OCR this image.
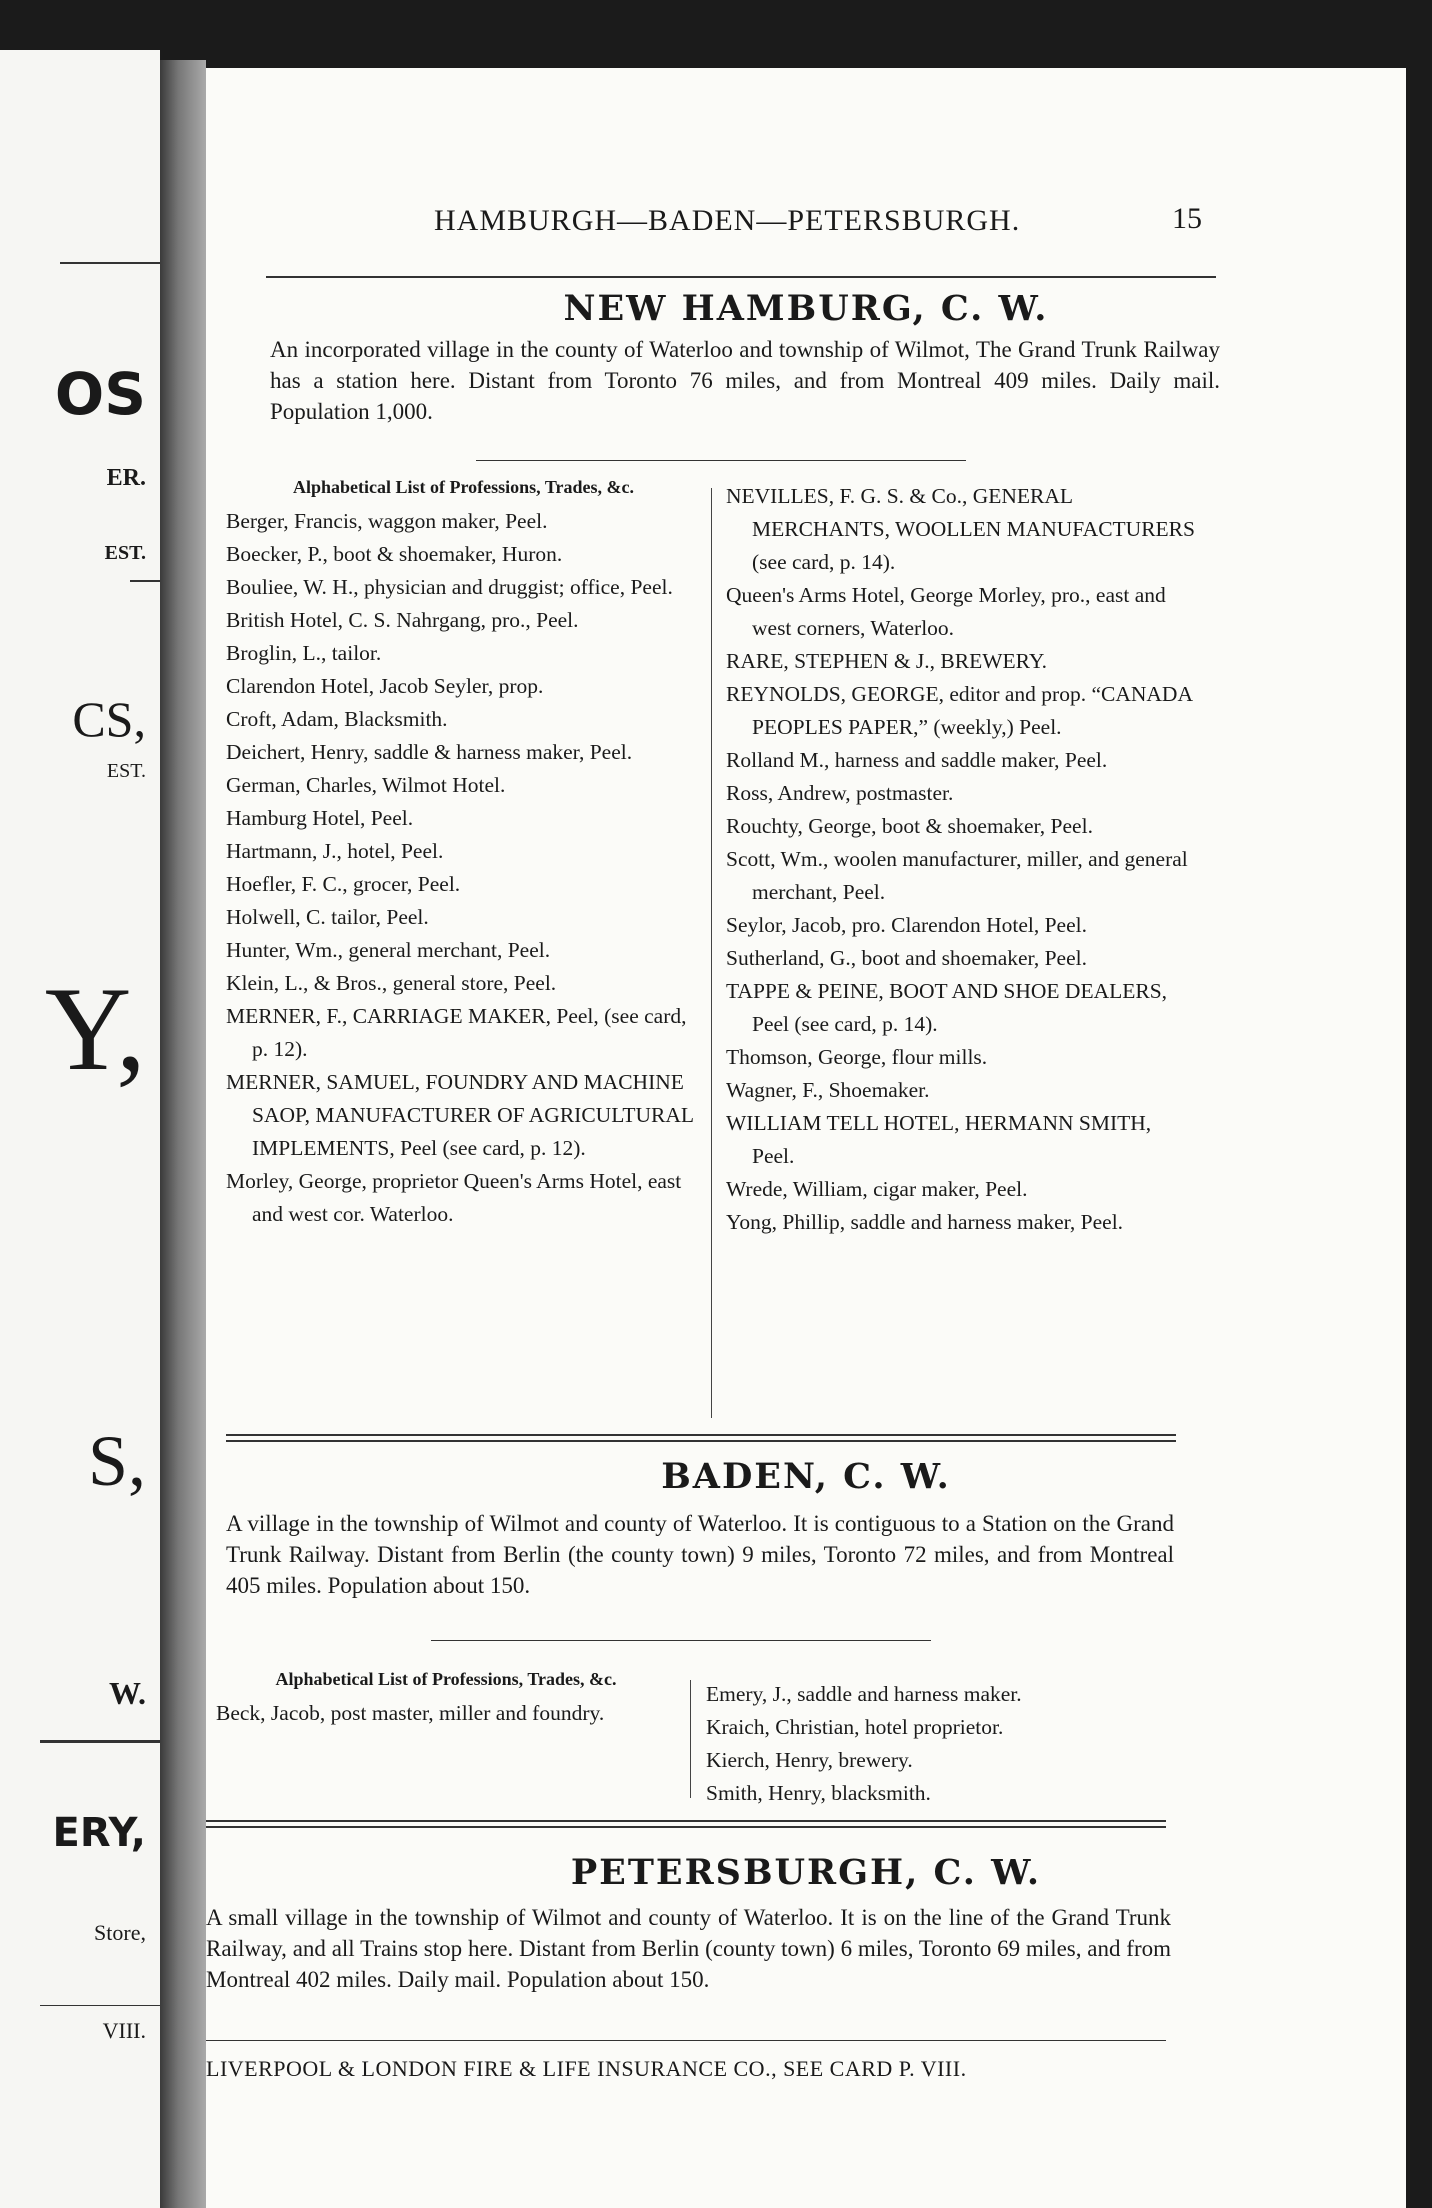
OS
ER.
EST.
CS,
EST.
Y,
S,
W.
ERY,
Store,
VIII.
HAMBURGH—BADEN—PETERSBURGH.	15
NEW HAMBURG, C. W.
An incorporated village in the county of Waterloo and township of Wilmot, The Grand Trunk Railway has a station here. Distant from Toronto 76 miles, and from Montreal 409 miles. Daily mail. Population 1,000.
Alphabetical List of Professions, Trades, &c.
Berger, Francis, waggon maker, Peel.
Boecker, P., boot & shoemaker, Huron.
Bouliee, W. H., physician and druggist; office, Peel.
British Hotel, C. S. Nahrgang, pro., Peel.
Broglin, L., tailor.
Clarendon Hotel, Jacob Seyler, prop.
Croft, Adam, Blacksmith.
Deichert, Henry, saddle & harness maker, Peel.
German, Charles, Wilmot Hotel.
Hamburg Hotel, Peel.
Hartmann, J., hotel, Peel.
Hoefler, F. C., grocer, Peel.
Holwell, C. tailor, Peel.
Hunter, Wm., general merchant, Peel.
Klein, L., & Bros., general store, Peel.
MERNER, F., CARRIAGE MAKER, Peel, (see card, p. 12).
MERNER, SAMUEL, FOUNDRY AND MACHINE SAOP, MANUFACTURER OF AGRICULTURAL IMPLEMENTS, Peel (see card, p. 12).
Morley, George, proprietor Queen's Arms Hotel, east and west cor. Waterloo.
NEVILLES, F. G. S. & Co., GENERAL MERCHANTS, WOOLLEN MANUFACTURERS (see card, p. 14).
Queen's Arms Hotel, George Morley, pro., east and west corners, Waterloo.
RARE, STEPHEN & J., BREWERY.
REYNOLDS, GEORGE, editor and prop. “CANADA PEOPLES PAPER,” (weekly,) Peel.
Rolland M., harness and saddle maker, Peel.
Ross, Andrew, postmaster.
Rouchty, George, boot & shoemaker, Peel.
Scott, Wm., woolen manufacturer, miller, and general merchant, Peel.
Seylor, Jacob, pro. Clarendon Hotel, Peel.
Sutherland, G., boot and shoemaker, Peel.
TAPPE & PEINE, BOOT AND SHOE DEALERS, Peel (see card, p. 14).
Thomson, George, flour mills.
Wagner, F., Shoemaker.
WILLIAM TELL HOTEL, HERMANN SMITH, Peel.
Wrede, William, cigar maker, Peel.
Yong, Phillip, saddle and harness maker, Peel.
BADEN, C. W.
A village in the township of Wilmot and county of Waterloo. It is contiguous to a Station on the Grand Trunk Railway. Distant from Berlin (the county town) 9 miles, Toronto 72 miles, and from Montreal 405 miles. Population about 150.
Alphabetical List of Professions, Trades, &c.
Beck, Jacob, post master, miller and foundry.
Emery, J., saddle and harness maker.
Kraich, Christian, hotel proprietor.
Kierch, Henry, brewery.
Smith, Henry, blacksmith.
PETERSBURGH, C. W.
A small village in the township of Wilmot and county of Waterloo. It is on the line of the Grand Trunk Railway, and all Trains stop here. Distant from Berlin (county town) 6 miles, Toronto 69 miles, and from Montreal 402 miles. Daily mail. Population about 150.
LIVERPOOL & LONDON FIRE & LIFE INSURANCE CO., SEE CARD P. VIII.
